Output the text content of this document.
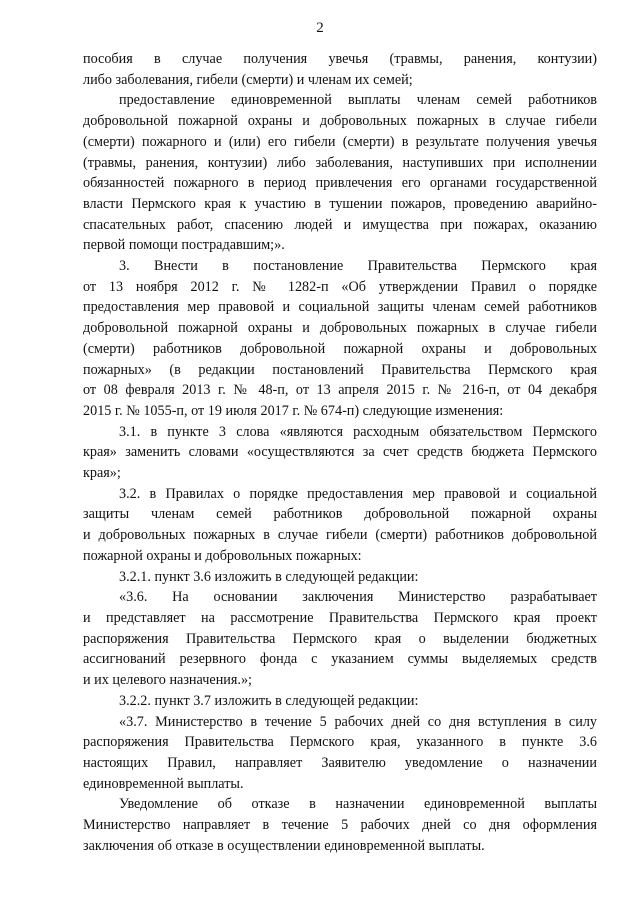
2
пособия в случае получения увечья (травмы, ранения, контузии)
либо заболевания, гибели (смерти) и членам их семей;
предоставление единовременной выплаты членам семей работников
добровольной пожарной охраны и добровольных пожарных в случае гибели
(смерти) пожарного и (или) его гибели (смерти) в результате получения увечья
(травмы, ранения, контузии) либо заболевания, наступивших при исполнении
обязанностей пожарного в период привлечения его органами государственной
власти Пермского края к участию в тушении пожаров, проведению аварийно-
спасательных работ, спасению людей и имущества при пожарах, оказанию
первой помощи пострадавшим;».
3. Внести в постановление Правительства Пермского края
от 13 ноября 2012 г. № 1282-п «Об утверждении Правил о порядке
предоставления мер правовой и социальной защиты членам семей работников
добровольной пожарной охраны и добровольных пожарных в случае гибели
(смерти) работников добровольной пожарной охраны и добровольных
пожарных» (в редакции постановлений Правительства Пермского края
от 08 февраля 2013 г. № 48-п, от 13 апреля 2015 г. № 216-п, от 04 декабря
2015 г. № 1055-п, от 19 июля 2017 г. № 674-п) следующие изменения:
3.1. в пункте 3 слова «являются расходным обязательством Пермского
края» заменить словами «осуществляются за счет средств бюджета Пермского
края»;
3.2. в Правилах о порядке предоставления мер правовой и социальной
защиты членам семей работников добровольной пожарной охраны
и добровольных пожарных в случае гибели (смерти) работников добровольной
пожарной охраны и добровольных пожарных:
3.2.1. пункт 3.6 изложить в следующей редакции:
«3.6. На основании заключения Министерство разрабатывает
и представляет на рассмотрение Правительства Пермского края проект
распоряжения Правительства Пермского края о выделении бюджетных
ассигнований резервного фонда с указанием суммы выделяемых средств
и их целевого назначения.»;
3.2.2. пункт 3.7 изложить в следующей редакции:
«3.7. Министерство в течение 5 рабочих дней со дня вступления в силу
распоряжения Правительства Пермского края, указанного в пункте 3.6
настоящих Правил, направляет Заявителю уведомление о назначении
единовременной выплаты.
Уведомление об отказе в назначении единовременной выплаты
Министерство направляет в течение 5 рабочих дней со дня оформления
заключения об отказе в осуществлении единовременной выплаты.
